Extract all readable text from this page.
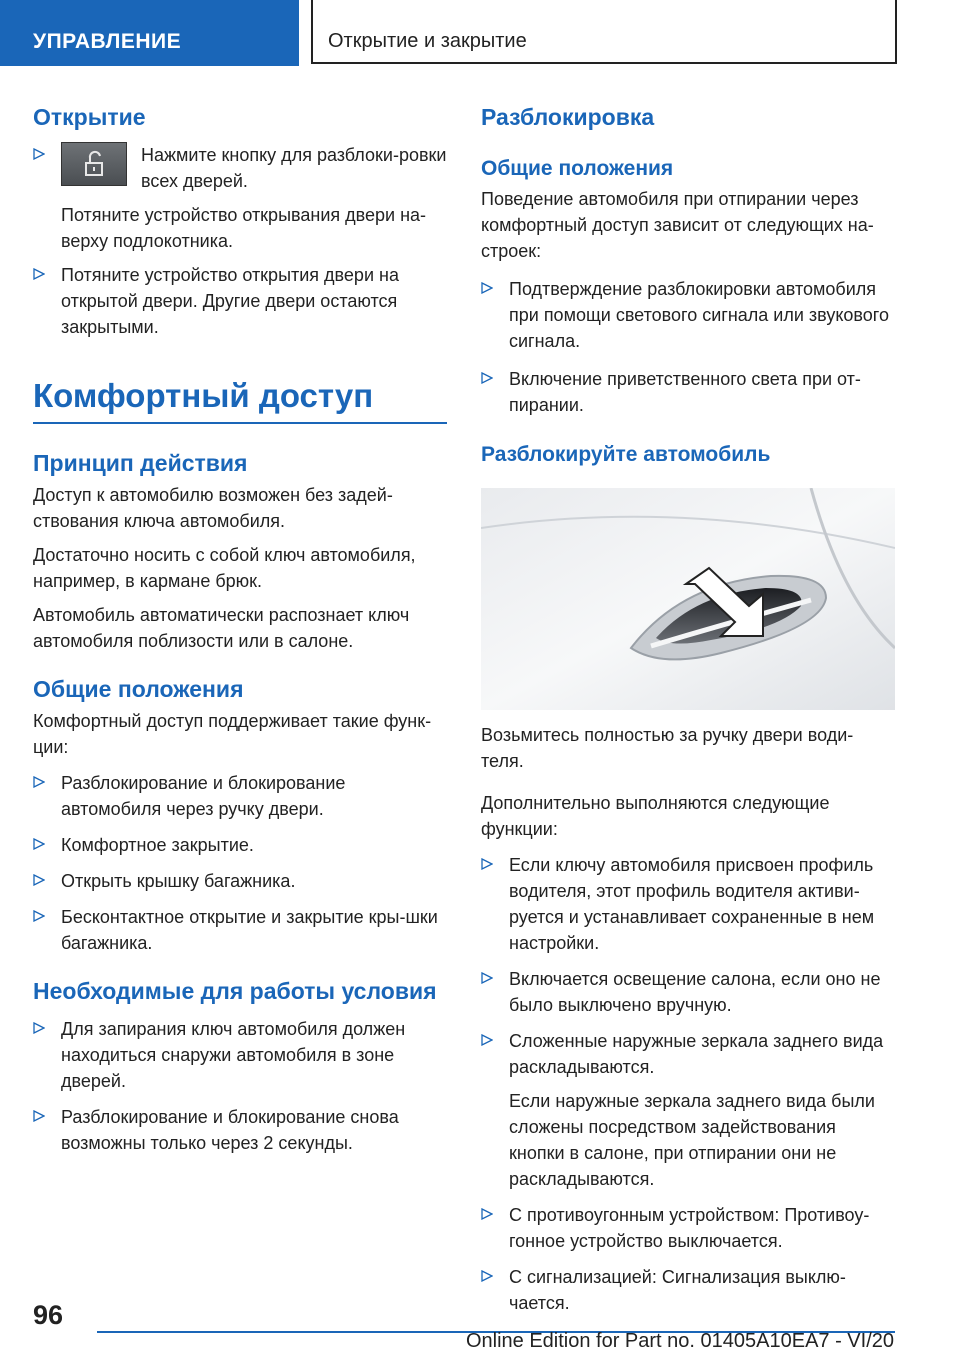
УПРАВЛЕНИЕ	Открытие и закрытие
Открытие
Нажмите кнопку для разблоки-ровки всех дверей.

Потяните устройство открывания двери на-верху подлокотника.

Потяните устройство открытия двери на открытой двери. Другие двери остаются закрытыми.
Комфортный доступ
Принцип действия

Доступ к автомобилю возможен без задей-ствования ключа автомобиля.

Достаточно носить с собой ключ автомобиля, например, в кармане брюк.

Автомобиль автоматически распознает ключ автомобиля поблизости или в салоне.

Общие положения

Комфортный доступ поддерживает такие функ-ции:

Разблокирование и блокирование автомобиля через ручку двери.
Комфортное закрытие.
Открыть крышку багажника.
Бесконтактное открытие и закрытие кры-шки багажника.
Необходимые для работы условия
Для запирания ключ автомобиля должен находиться снаружи автомобиля в зоне дверей.
Разблокирование и блокирование снова возможны только через 2 секунды.
Разблокировка
Общие положения

Поведение автомобиля при отпирании через комфортный доступ зависит от следующих на-строек:

Подтверждение разблокировки автомобиля при помощи светового сигнала или звукового сигнала.
Включение приветственного света при от-пирании.
Разблокируйте автомобиль

Возьмитесь полностью за ручку двери води-теля.

Дополнительно выполняются следующие функции:

Если ключу автомобиля присвоен профиль водителя, этот профиль водителя активи-руется и устанавливает сохраненные в нем настройки.
Включается освещение салона, если оно не было выключено вручную.
Сложенные наружные зеркала заднего вида раскладываются.

Если наружные зеркала заднего вида были сложены посредством задействования кнопки в салоне, при отпирании они не раскладываются.

С противоугонным устройством: Противоу-гонное устройство выключается.
С сигнализацией: Сигнализация выклю-чается.
96
Online Edition for Part no. 01405A10EA7 - VI/20
